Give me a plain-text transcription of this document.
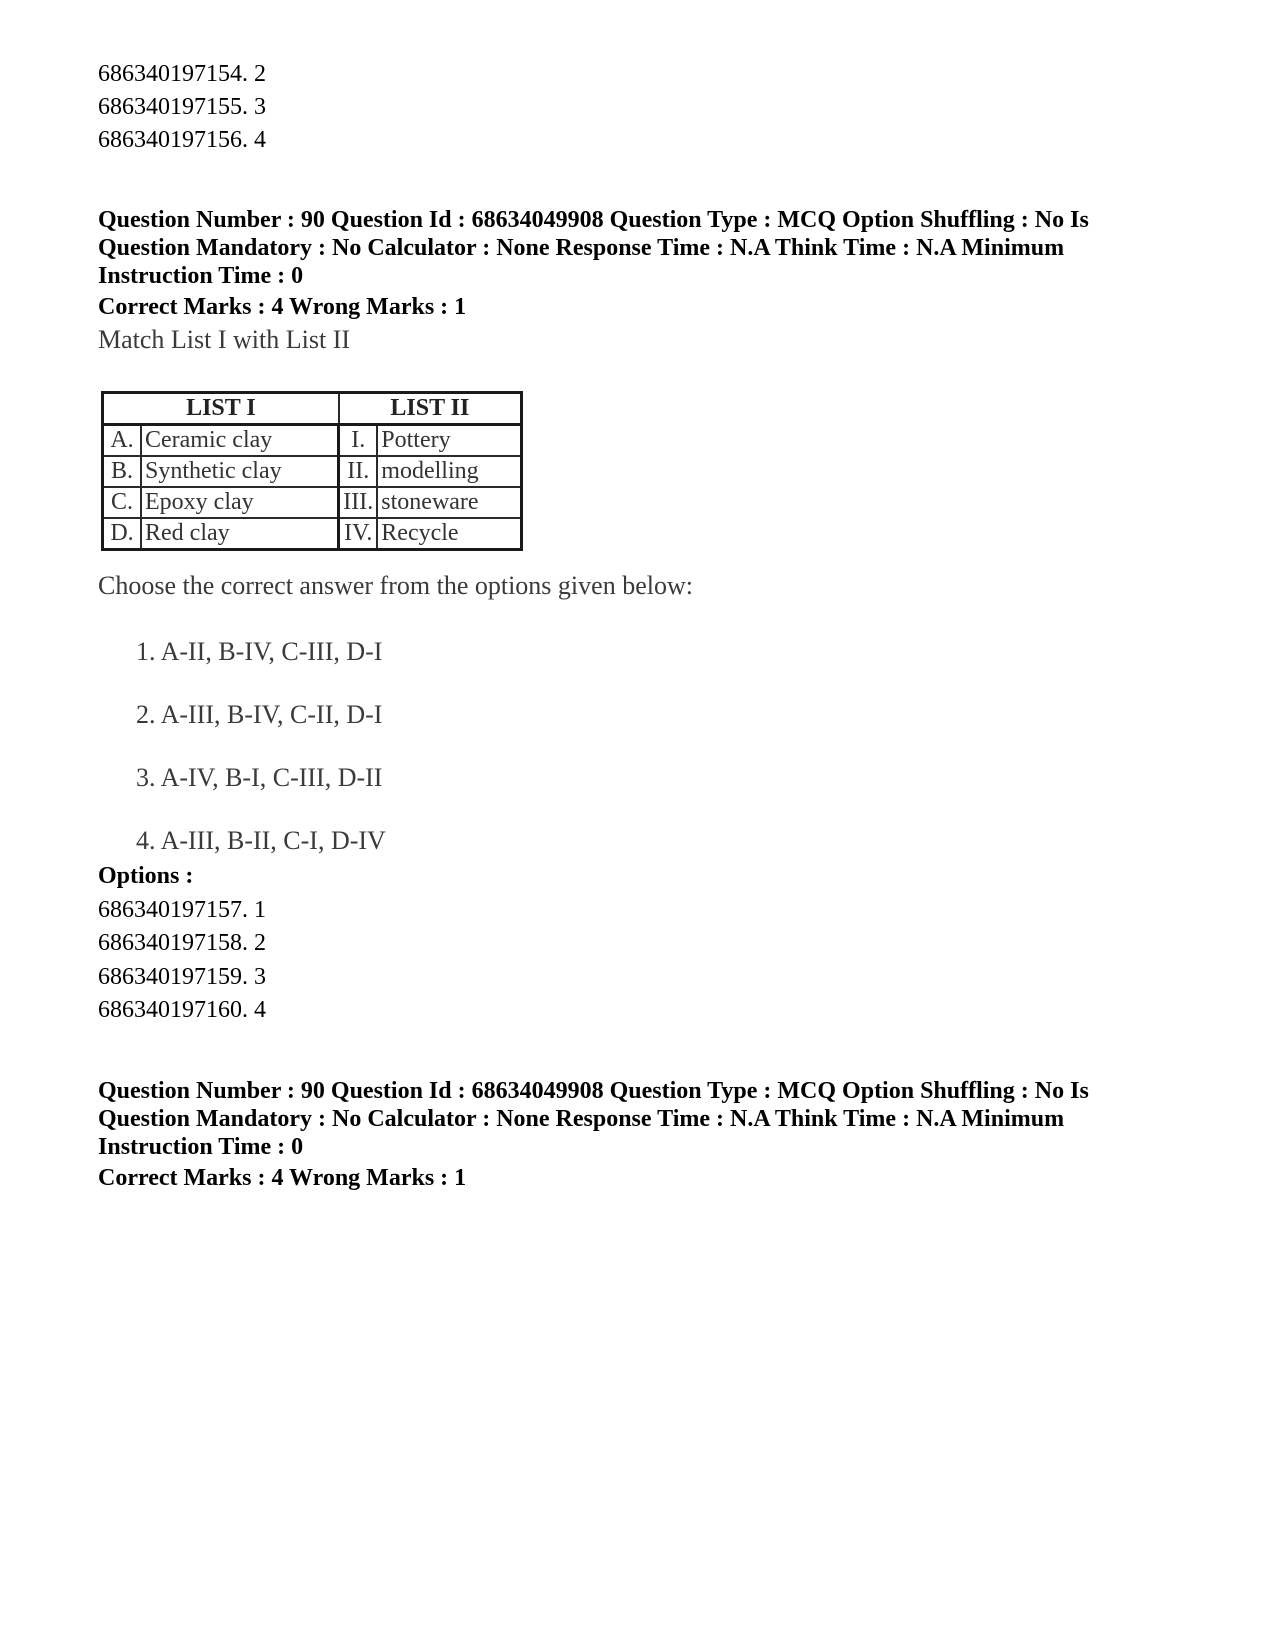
686340197154. 2

686340197155. 3

686340197156. 4

Question Number : 90 Question Id : 68634049908 Question Type : MCQ Option Shuffling : No Is Question Mandatory : No Calculator : None Response Time : N.A Think Time : N.A Minimum Instruction Time : 0

Correct Marks : 4 Wrong Marks : 1

Match List I with List II

LIST I		LIST II	
A.	Ceramic clay	I.	Pottery
B.	Synthetic clay	II.	modelling
C.	Epoxy clay	III.	stoneware
D.	Red clay	IV.	Recycle

Choose the correct answer from the options given below:

1. A-II, B-IV, C-III, D-I

2. A-III, B-IV, C-II, D-I

3. A-IV, B-I, C-III, D-II

4. A-III, B-II, C-I, D-IV

Options :

686340197157. 1

686340197158. 2

686340197159. 3

686340197160. 4

Question Number : 90 Question Id : 68634049908 Question Type : MCQ Option Shuffling : No Is Question Mandatory : No Calculator : None Response Time : N.A Think Time : N.A Minimum Instruction Time : 0

Correct Marks : 4 Wrong Marks : 1
